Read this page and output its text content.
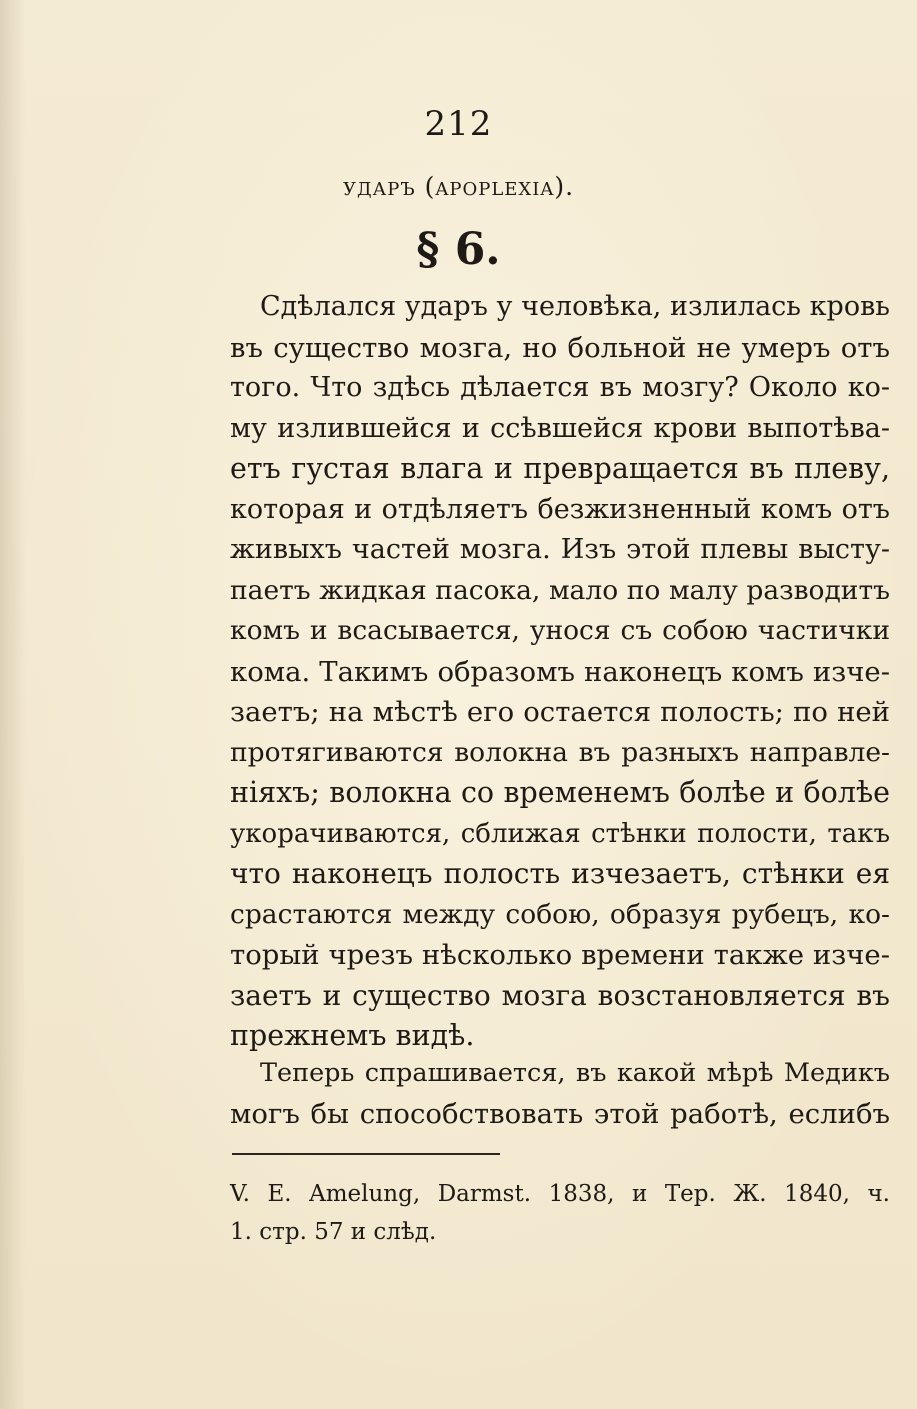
212
ударъ (apoplexia).
§ 6.
Сдѣлался ударъ у человѣка, излилась кровь
въ существо мозга, но больной не умеръ отъ
того. Что здѣсь дѣлается въ мозгу? Около ко-
му излившейся и ссѣвшейся крови выпотѣва-
етъ густая влага и превращается въ плеву,
которая и отдѣляетъ безжизненный комъ отъ
живыхъ частей мозга. Изъ этой плевы высту-
паетъ жидкая пасока, мало по малу разводитъ
комъ и всасывается, унося съ собою частички
кома. Такимъ образомъ наконецъ комъ изче-
заетъ; на мѣстѣ его остается полость; по ней
протягиваются волокна въ разныхъ направле-
ніяхъ; волокна со временемъ болѣе и болѣе
укорачиваются, сближая стѣнки полости, такъ
что наконецъ полость изчезаетъ, стѣнки ея
срастаются между собою, образуя рубецъ, ко-
торый чрезъ нѣсколько времени также изче-
заетъ и существо мозга возстановляется въ
прежнемъ видѣ.
Теперь спрашивается, въ какой мѣрѣ Медикъ
могъ бы способствовать этой работѣ, еслибъ
V. E. Amelung, Darmst. 1838, и Тер. Ж. 1840, ч.
1. стр. 57 и слѣд.
